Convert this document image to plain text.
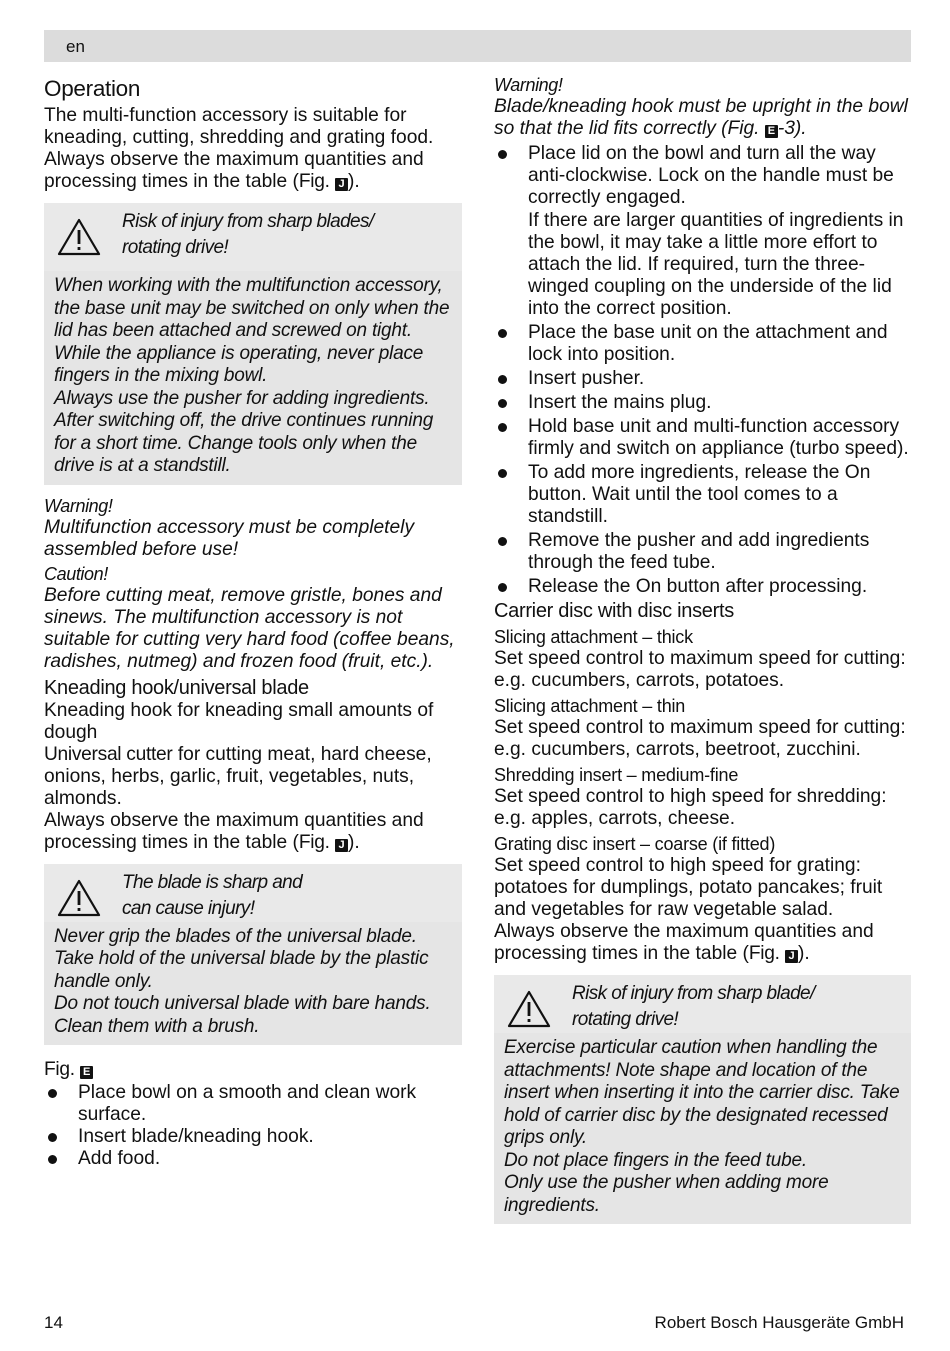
en
Operation

The multi-function accessory is suitable for kneading, cutting, shredding and grating food. Always observe the maximum quantities and processing times in the table (Fig. J ).

Risk of injury from sharp blades/
rotating drive!

When working with the multifunction accessory, the base unit may be switched on only when the lid has been attached and screwed on tight.

While the appliance is operating, never place fingers in the mixing bowl.

Always use the pusher for adding ingredients.

After switching off, the drive continues running for a short time. Change tools only when the drive is at a standstill.

Warning!

Multifunction accessory must be completely assembled before use!

Caution!

Before cutting meat, remove gristle, bones and sinews. The multifunction accessory is not suitable for cutting very hard food (coffee beans, radishes, nutmeg) and frozen food (fruit, etc.).

Kneading hook/universal blade

Kneading hook for kneading small amounts of dough

Universal cutter for cutting meat, hard cheese, onions, herbs, garlic, fruit, vegetables, nuts, almonds.

Always observe the maximum quantities and processing times in the table (Fig. J ).

The blade is sharp and
can cause injury!

Never grip the blades of the universal blade. Take hold of the universal blade by the plastic handle only.

Do not touch universal blade with bare hands. Clean them with a brush.

Fig. E

Place bowl on a smooth and clean work surface.
Insert blade/kneading hook.
Add food.
Warning!

Blade/kneading hook must be upright in the bowl so that the lid fits correctly (Fig. E -3).

Place lid on the bowl and turn all the way anti-clockwise. Lock on the handle must be correctly engaged.
If there are larger quantities of ingredients in the bowl, it may take a little more effort to attach the lid. If required, turn the three-winged coupling on the underside of the lid into the correct position.
Place the base unit on the attachment and lock into position.
Insert pusher.
Insert the mains plug.
Hold base unit and multi-function accessory firmly and switch on appliance (turbo speed).
To add more ingredients, release the On button. Wait until the tool comes to a standstill.
Remove the pusher and add ingredients through the feed tube.
Release the On button after processing.
Carrier disc with disc inserts
Slicing attachment – thick

Set speed control to maximum speed for cutting: e.g. cucumbers, carrots, potatoes.

Slicing attachment – thin

Set speed control to maximum speed for cutting: e.g. cucumbers, carrots, beetroot, zucchini.

Shredding insert – medium-fine

Set speed control to high speed for shredding: e.g. apples, carrots, cheese.

Grating disc insert – coarse (if fitted)

Set speed control to high speed for grating: potatoes for dumplings, potato pancakes; fruit and vegetables for raw vegetable salad.

Always observe the maximum quantities and processing times in the table (Fig. J ).

Risk of injury from sharp blade/
rotating drive!

Exercise particular caution when handling the attachments! Note shape and location of the insert when inserting it into the carrier disc. Take hold of carrier disc by the designated recessed grips only.

Do not place fingers in the feed tube.

Only use the pusher when adding more ingredients.

14	Robert Bosch Hausgeräte GmbH
